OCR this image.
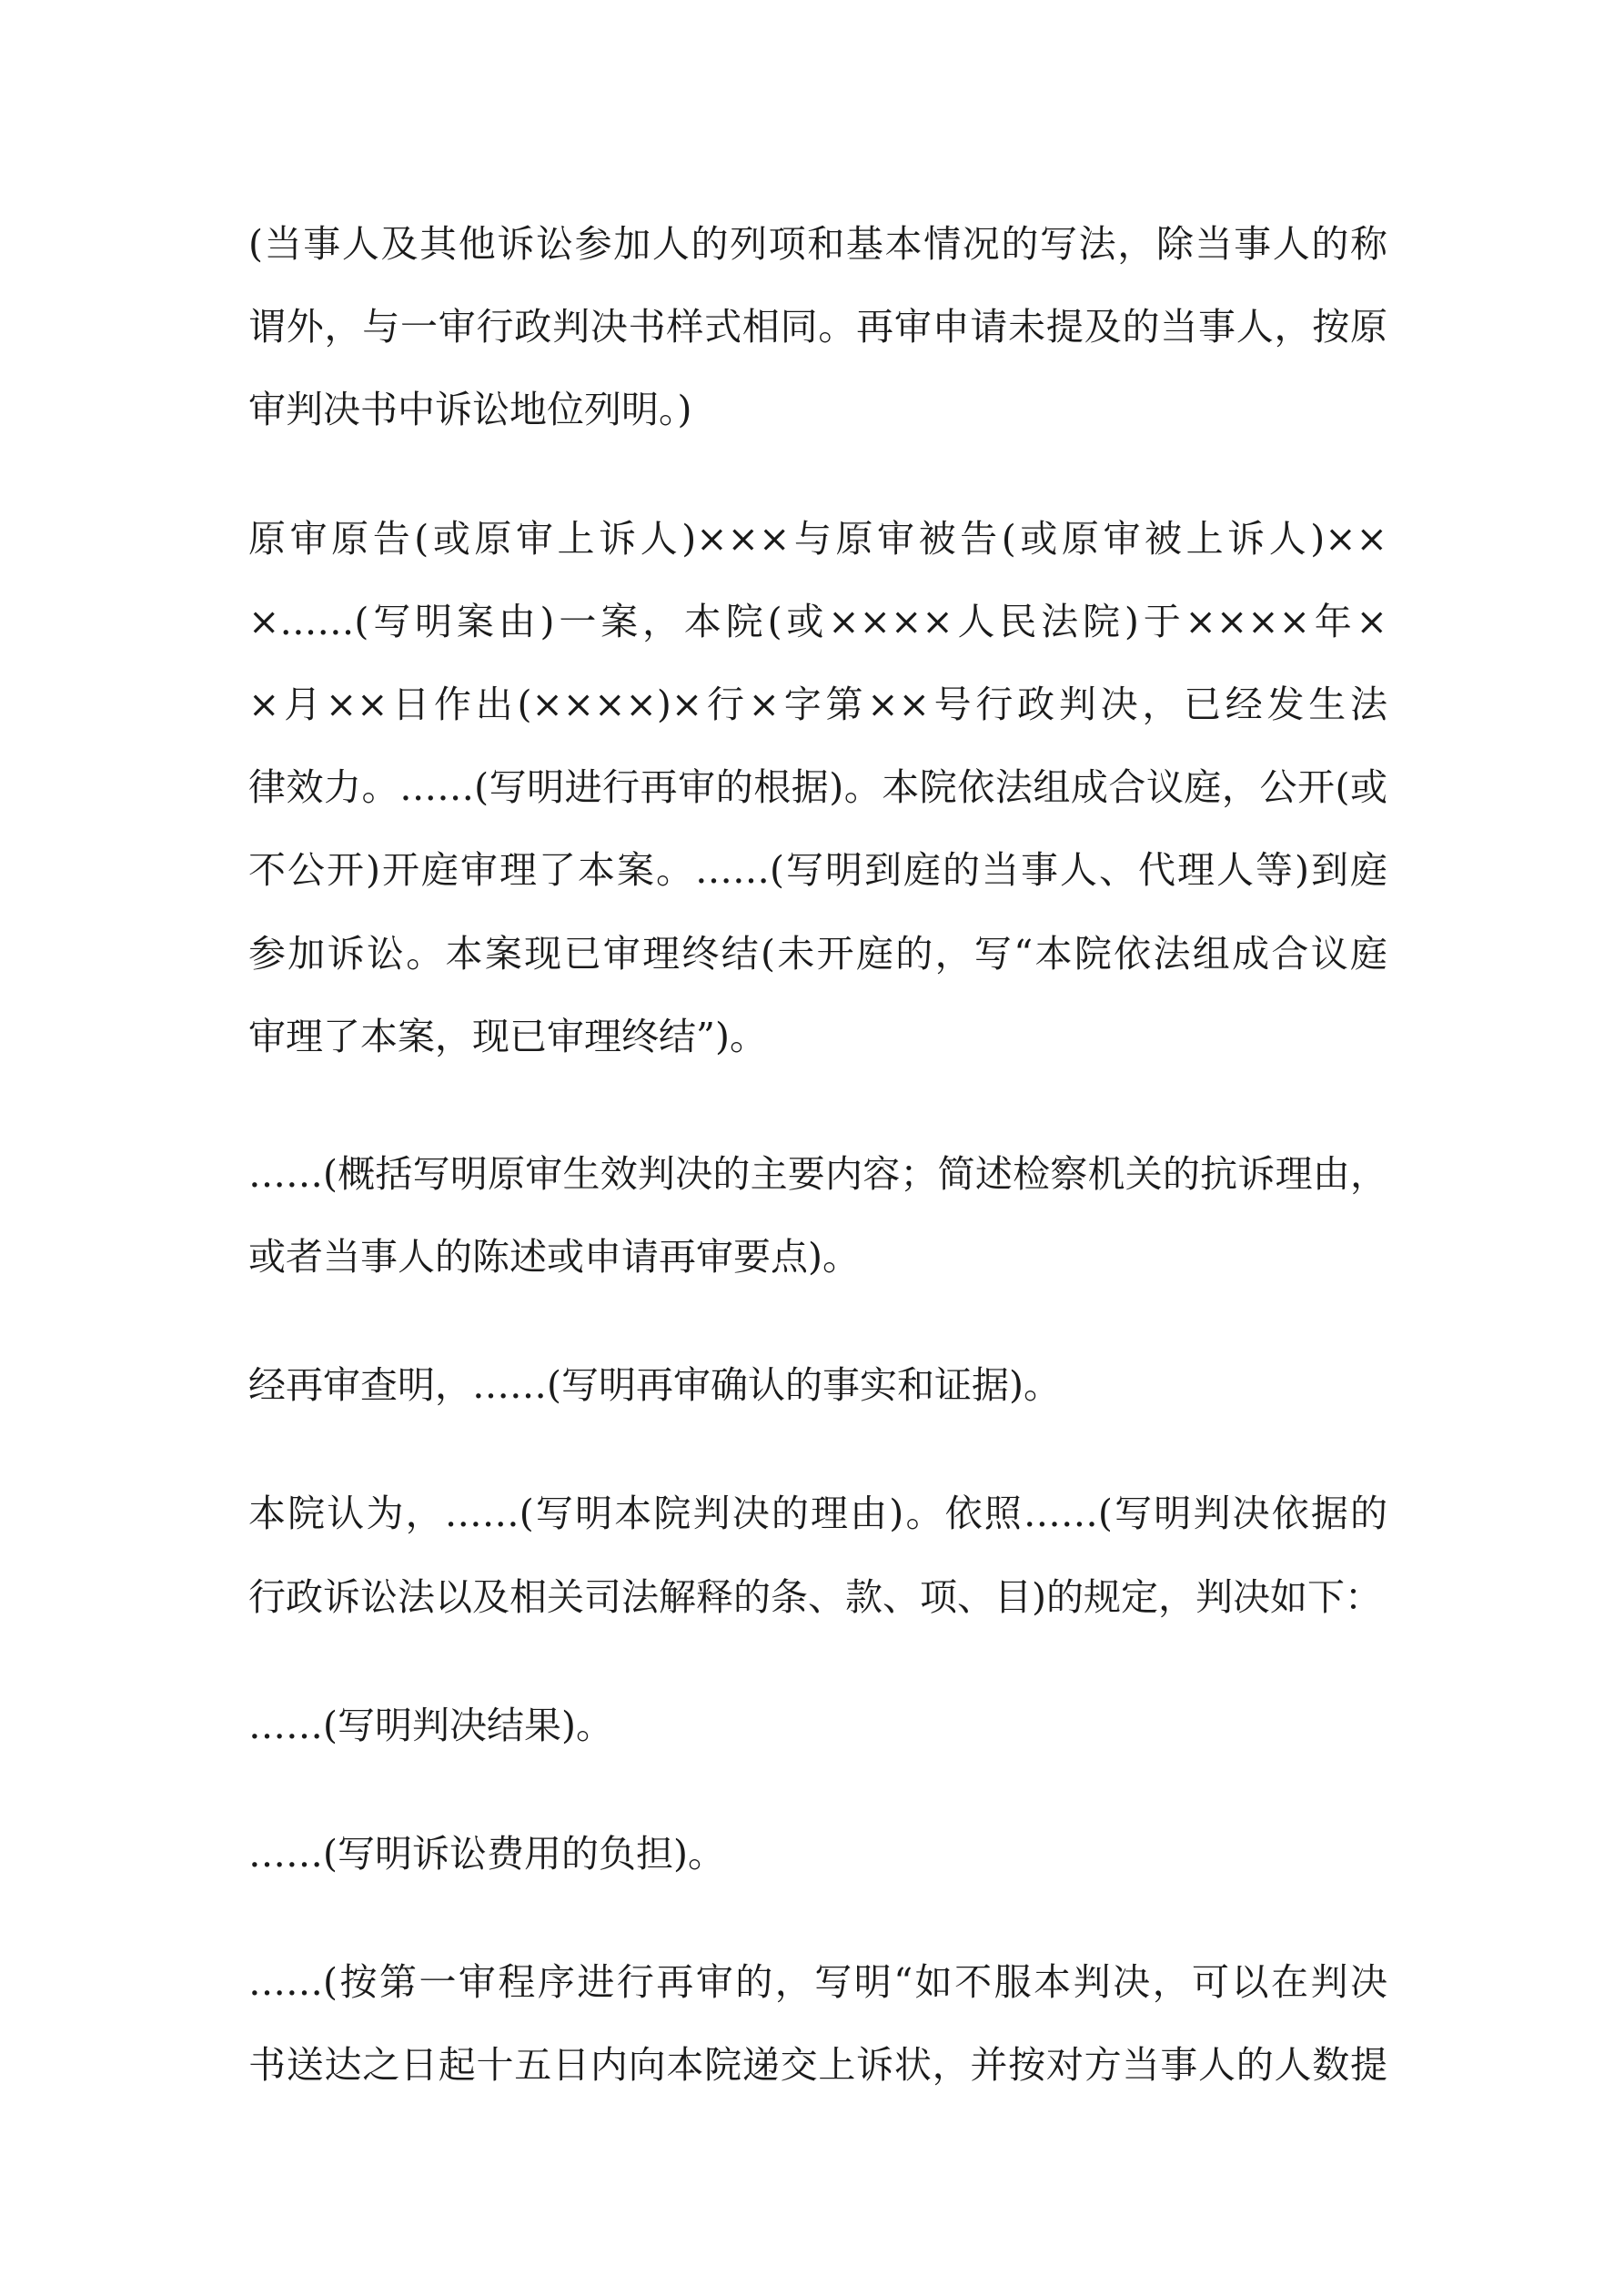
(当事人及其他诉讼参加人的列项和基本情况的写法，除当事人的称
谓外，与一审行政判决书样式相同。再审申请未提及的当事人，按原
审判决书中诉讼地位列明。)
原审原告(或原审上诉人)×××与原审被告(或原审被上诉人)××
×……(写明案由)一案，本院(或××××人民法院)于××××年×
×月××日作出(××××)×行×字第××号行政判决，已经发生法
律效力。……(写明进行再审的根据)。本院依法组成合议庭，公开(或
不公开)开庭审理了本案。……(写明到庭的当事人、代理人等)到庭
参加诉讼。本案现已审理终结(未开庭的，写“本院依法组成合议庭
审理了本案，现已审理终结”)。
……(概括写明原审生效判决的主要内容；简述检察机关的抗诉理由，
或者当事人的陈述或申请再审要点)。
经再审查明，……(写明再审确认的事实和证据)。
本院认为，……(写明本院判决的理由)。依照……(写明判决依据的
行政诉讼法以及相关司法解释的条、款、项、目)的规定，判决如下：
……(写明判决结果)。
……(写明诉讼费用的负担)。
……(按第一审程序进行再审的，写明“如不服本判决，可以在判决
书送达之日起十五日内向本院递交上诉状，并按对方当事人的人数提
